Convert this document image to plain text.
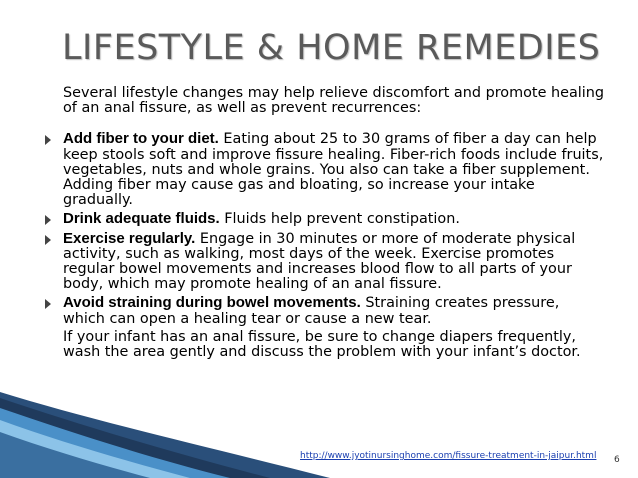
LIFESTYLE & HOME REMEDIES
Several lifestyle changes may help relieve discomfort and promote healing of an anal fissure, as well as prevent recurrences:
Add fiber to your diet. Eating about 25 to 30 grams of fiber a day can help keep stools soft and improve fissure healing. Fiber-rich foods include fruits, vegetables, nuts and whole grains. You also can take a fiber supplement. Adding fiber may cause gas and bloating, so increase your intake gradually.
Drink adequate fluids. Fluids help prevent constipation.
Exercise regularly. Engage in 30 minutes or more of moderate physical activity, such as walking, most days of the week. Exercise promotes regular bowel movements and increases blood flow to all parts of your body, which may promote healing of an anal fissure.
Avoid straining during bowel movements. Straining creates pressure, which can open a healing tear or cause a new tear.
If your infant has an anal fissure, be sure to change diapers frequently, wash the area gently and discuss the problem with your infant’s doctor.
http://www.jyotinursinghome.com/fissure-treatment-in-jaipur.html 6
